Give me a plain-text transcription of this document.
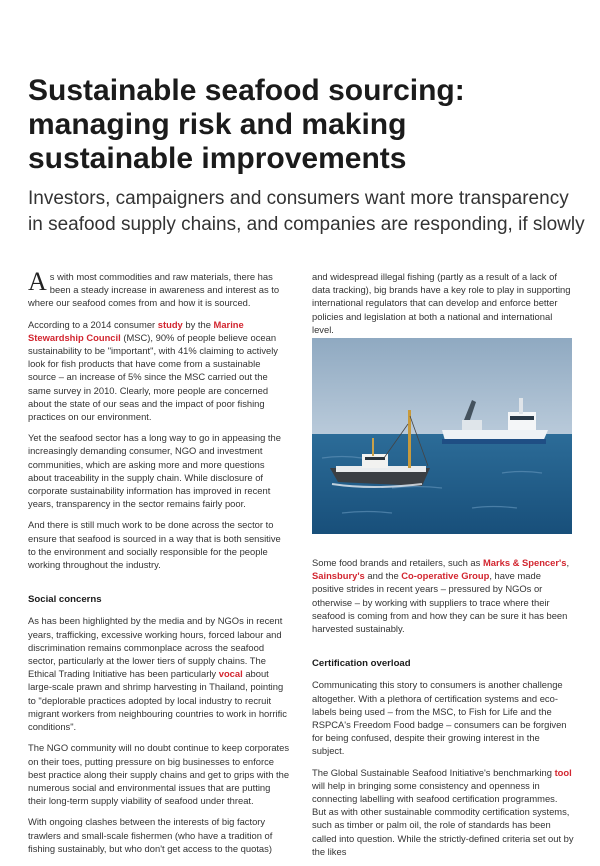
Sustainable seafood sourcing: managing risk and making sustainable improvements

Investors, campaigners and consumers want more transparency in seafood supply chains, and companies are responding, if slowly

As with most commodities and raw materials, there has been a steady increase in awareness and interest as to where our seafood comes from and how it is sourced.

According to a 2014 consumer study by the Marine Stewardship Council (MSC), 90% of people believe ocean sustainability to be "important", with 41% claiming to actively look for fish products that have come from a sustainable source – an increase of 5% since the MSC carried out the same survey in 2010. Clearly, more people are concerned about the state of our seas and the impact of poor fishing practices on our environment.

Yet the seafood sector has a long way to go in appeasing the increasingly demanding consumer, NGO and investment communities, which are asking more and more questions about traceability in the supply chain. While disclosure of corporate sustainability information has improved in recent years, transparency in the sector remains fairly poor.

And there is still much work to be done across the sector to ensure that seafood is sourced in a way that is both sensitive to the environment and socially responsible for the people working throughout the industry.

Social concerns

As has been highlighted by the media and by NGOs in recent years, trafficking, excessive working hours, forced labour and discrimination remains commonplace across the seafood sector, particularly at the lower tiers of supply chains. The Ethical Trading Initiative has been particularly vocal about large-scale prawn and shrimp harvesting in Thailand, pointing to "deplorable practices adopted by local industry to recruit migrant workers from neighbouring countries to work in horrific conditions".

The NGO community will no doubt continue to keep corporates on their toes, putting pressure on big businesses to enforce best practice along their supply chains and get to grips with the numerous social and environmental issues that are putting their long-term supply viability of seafood under threat.

With ongoing clashes between the interests of big factory trawlers and small-scale fishermen (who have a tradition of fishing sustainably, but who don't get access to the quotas)

and widespread illegal fishing (partly as a result of a lack of data tracking), big brands have a key role to play in supporting international regulators that can develop and enforce better policies and legislation at both a national and international level.

Some food brands and retailers, such as Marks & Spencer's, Sainsbury's and the Co-operative Group, have made positive strides in recent years – pressured by NGOs or otherwise – by working with suppliers to trace where their seafood is coming from and how they can be sure it has been harvested sustainably.

Certification overload

Communicating this story to consumers is another challenge altogether. With a plethora of certification systems and eco-labels being used – from the MSC, to Fish for Life and the RSPCA's Freedom Food badge – consumers can be forgiven for being confused, despite their growing interest in the subject.

The Global Sustainable Seafood Initiative's benchmarking tool will help in bringing some consistency and openness in connecting labelling with seafood certification programmes. But as with other sustainable commodity certification systems, such as timber or palm oil, the role of standards has been called into question. While the strictly-defined criteria set out by the likes
